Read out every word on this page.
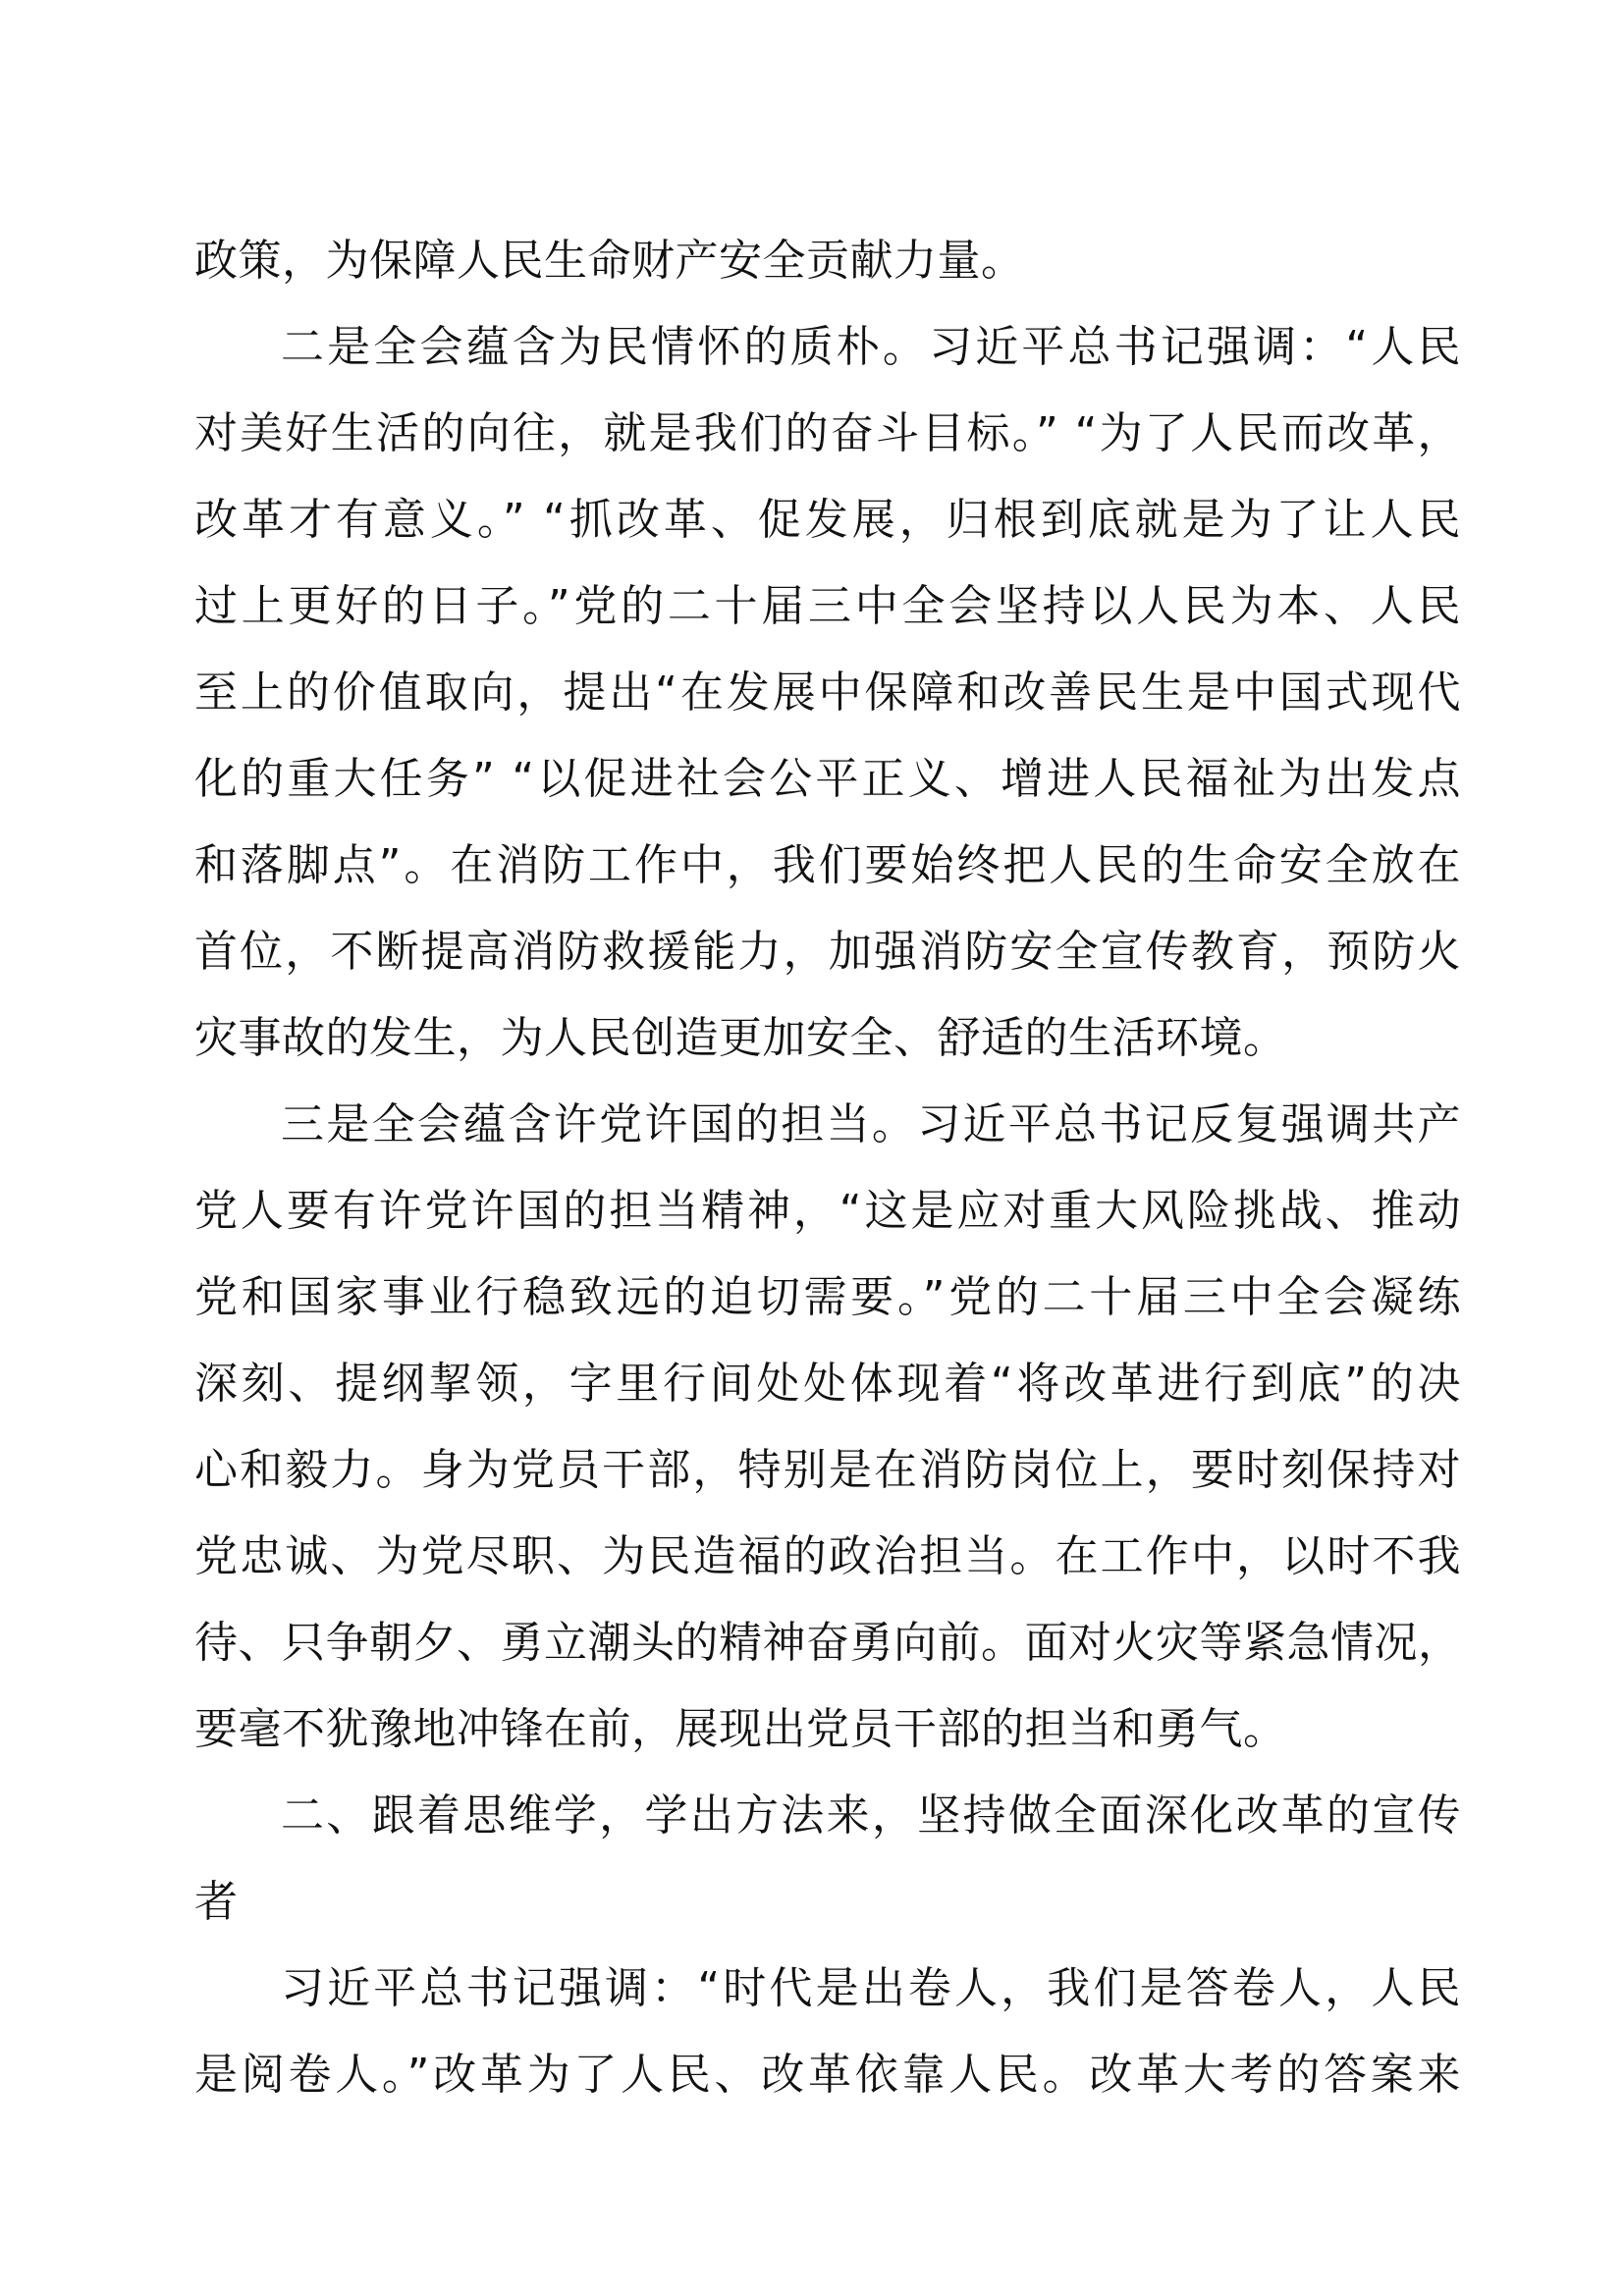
政策，为保障人民生命财产安全贡献力量。
二是全会蕴含为民情怀的质朴。习近平总书记强调：“人民
对美好生活的向往，就是我们的奋斗目标。” “为了人民而改革，
改革才有意义。” “抓改革、促发展，归根到底就是为了让人民
过上更好的日子。”党的二十届三中全会坚持以人民为本、人民
至上的价值取向，提出“在发展中保障和改善民生是中国式现代
化的重大任务” “以促进社会公平正义、增进人民福祉为出发点
和落脚点”。在消防工作中，我们要始终把人民的生命安全放在
首位，不断提高消防救援能力，加强消防安全宣传教育，预防火
灾事故的发生，为人民创造更加安全、舒适的生活环境。
三是全会蕴含许党许国的担当。习近平总书记反复强调共产
党人要有许党许国的担当精神，“这是应对重大风险挑战、推动
党和国家事业行稳致远的迫切需要。”党的二十届三中全会凝练
深刻、提纲挈领，字里行间处处体现着“将改革进行到底”的决
心和毅力。身为党员干部，特别是在消防岗位上，要时刻保持对
党忠诚、为党尽职、为民造福的政治担当。在工作中，以时不我
待、只争朝夕、勇立潮头的精神奋勇向前。面对火灾等紧急情况，
要毫不犹豫地冲锋在前，展现出党员干部的担当和勇气。
二、跟着思维学，学出方法来，坚持做全面深化改革的宣传
者
习近平总书记强调：“时代是出卷人，我们是答卷人，人民
是阅卷人。”改革为了人民、改革依靠人民。改革大考的答案来
